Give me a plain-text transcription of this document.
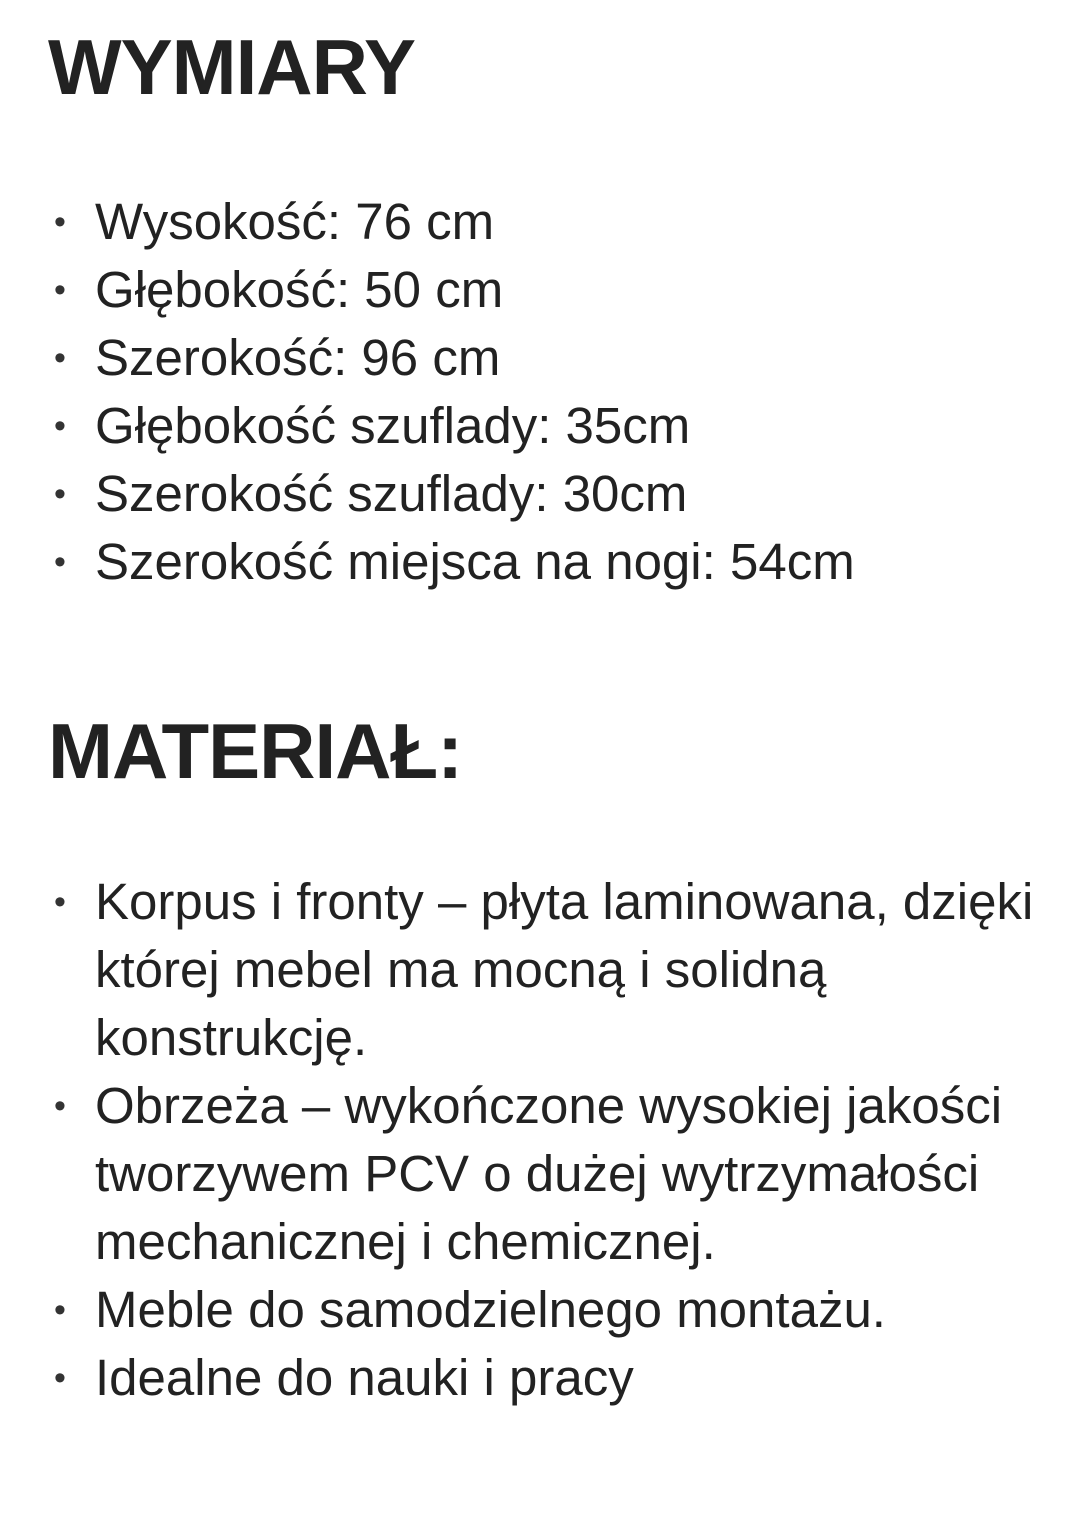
WYMIARY
• Wysokość: 76 cm
• Głębokość: 50 cm
• Szerokość: 96 cm
• Głębokość szuflady: 35cm
• Szerokość szuflady: 30cm
• Szerokość miejsca na nogi: 54cm
MATERIAŁ:
• Korpus i fronty – płyta laminowana, dzięki której mebel ma mocną i solidną konstrukcję.
• Obrzeża – wykończone wysokiej jakości tworzywem PCV o dużej wytrzymałości mechanicznej i chemicznej.
• Meble do samodzielnego montażu.
• Idealne do nauki i pracy
